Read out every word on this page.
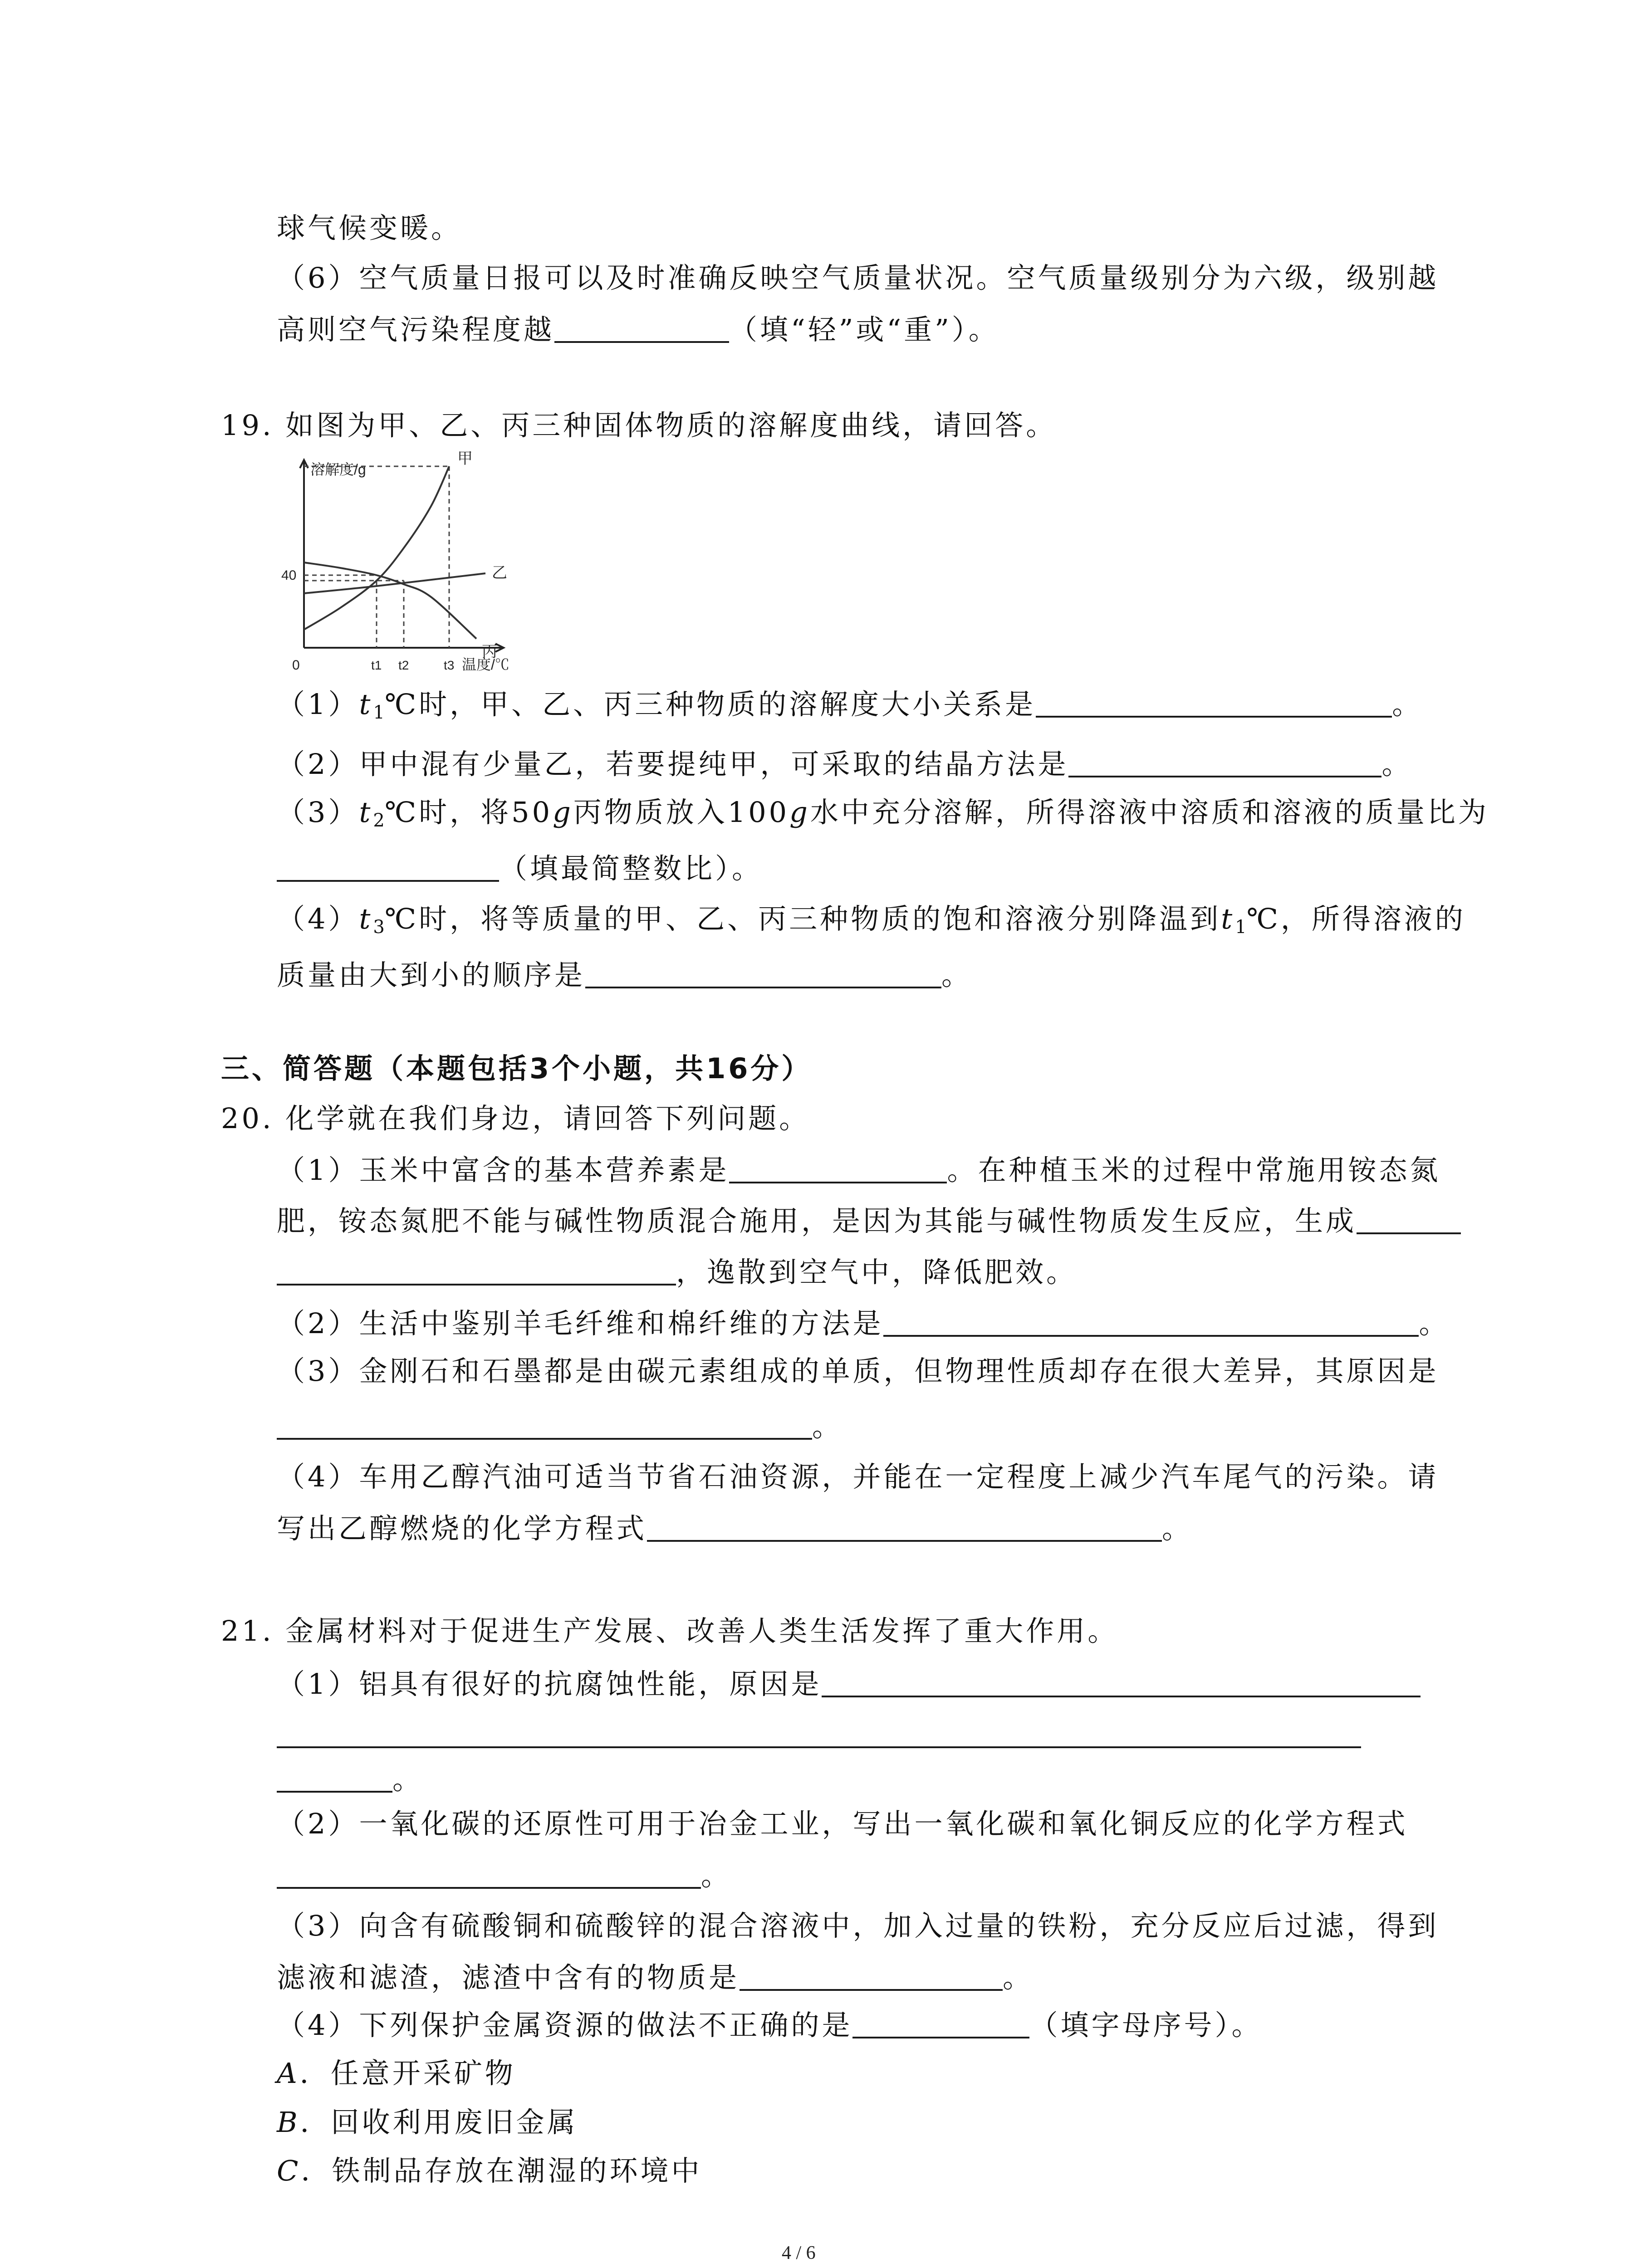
球气候变暖。
（6）空气质量日报可以及时准确反映空气质量状况。空气质量级别分为六级，级别越
高则空气污染程度越	（填“轻”或“重”）。
19. 如图为甲、乙、丙三种固体物质的溶解度曲线，请回答。
溶解度/g
温度/℃
0
40
t1 t2	t3
甲
乙
丙
$(1)t_1℃$时，甲、乙、丙三种物质的溶解度大小关系是	。
（2）甲中混有少量乙，若要提纯甲，可采取的结晶方法是	。
$(3)t_2℃$时，将50g丙物质放入100g水中充分溶解，所得溶液中溶质和溶液的质量比为
（填最简整数比）。
$(4)t_3℃$时，将等质量的甲、乙、丙三种物质的饱和溶液分别降温到$t_1℃$，所得溶液的
质量由大到小的顺序是	。
三、简答题（本题包括3个小题，共16分）
20. 化学就在我们身边，请回答下列问题。
（1）玉米中富含的基本营养素是	。在种植玉米的过程中常施用铵态氮
肥，铵态氮肥不能与碱性物质混合施用，是因为其能与碱性物质发生反应，生成
，逸散到空气中，降低肥效。
（2）生活中鉴别羊毛纤维和棉纤维的方法是	。
（3）金刚石和石墨都是由碳元素组成的单质，但物理性质却存在很大差异，其原因是
。
（4）车用乙醇汽油可适当节省石油资源，并能在一定程度上减少汽车尾气的污染。请
写出乙醇燃烧的化学方程式	。
21. 金属材料对于促进生产发展、改善人类生活发挥了重大作用。
（1）铝具有很好的抗腐蚀性能，原因是
。
（2）一氧化碳的还原性可用于冶金工业，写出一氧化碳和氧化铜反应的化学方程式
。
（3）向含有硫酸铜和硫酸锌的混合溶液中，加入过量的铁粉，充分反应后过滤，得到
滤液和滤渣，滤渣中含有的物质是	。
（4）下列保护金属资源的做法不正确的是	（填字母序号）。
A．任意开采矿物
B．回收利用废旧金属
C．铁制品存放在潮湿的环境中
4 / 6
